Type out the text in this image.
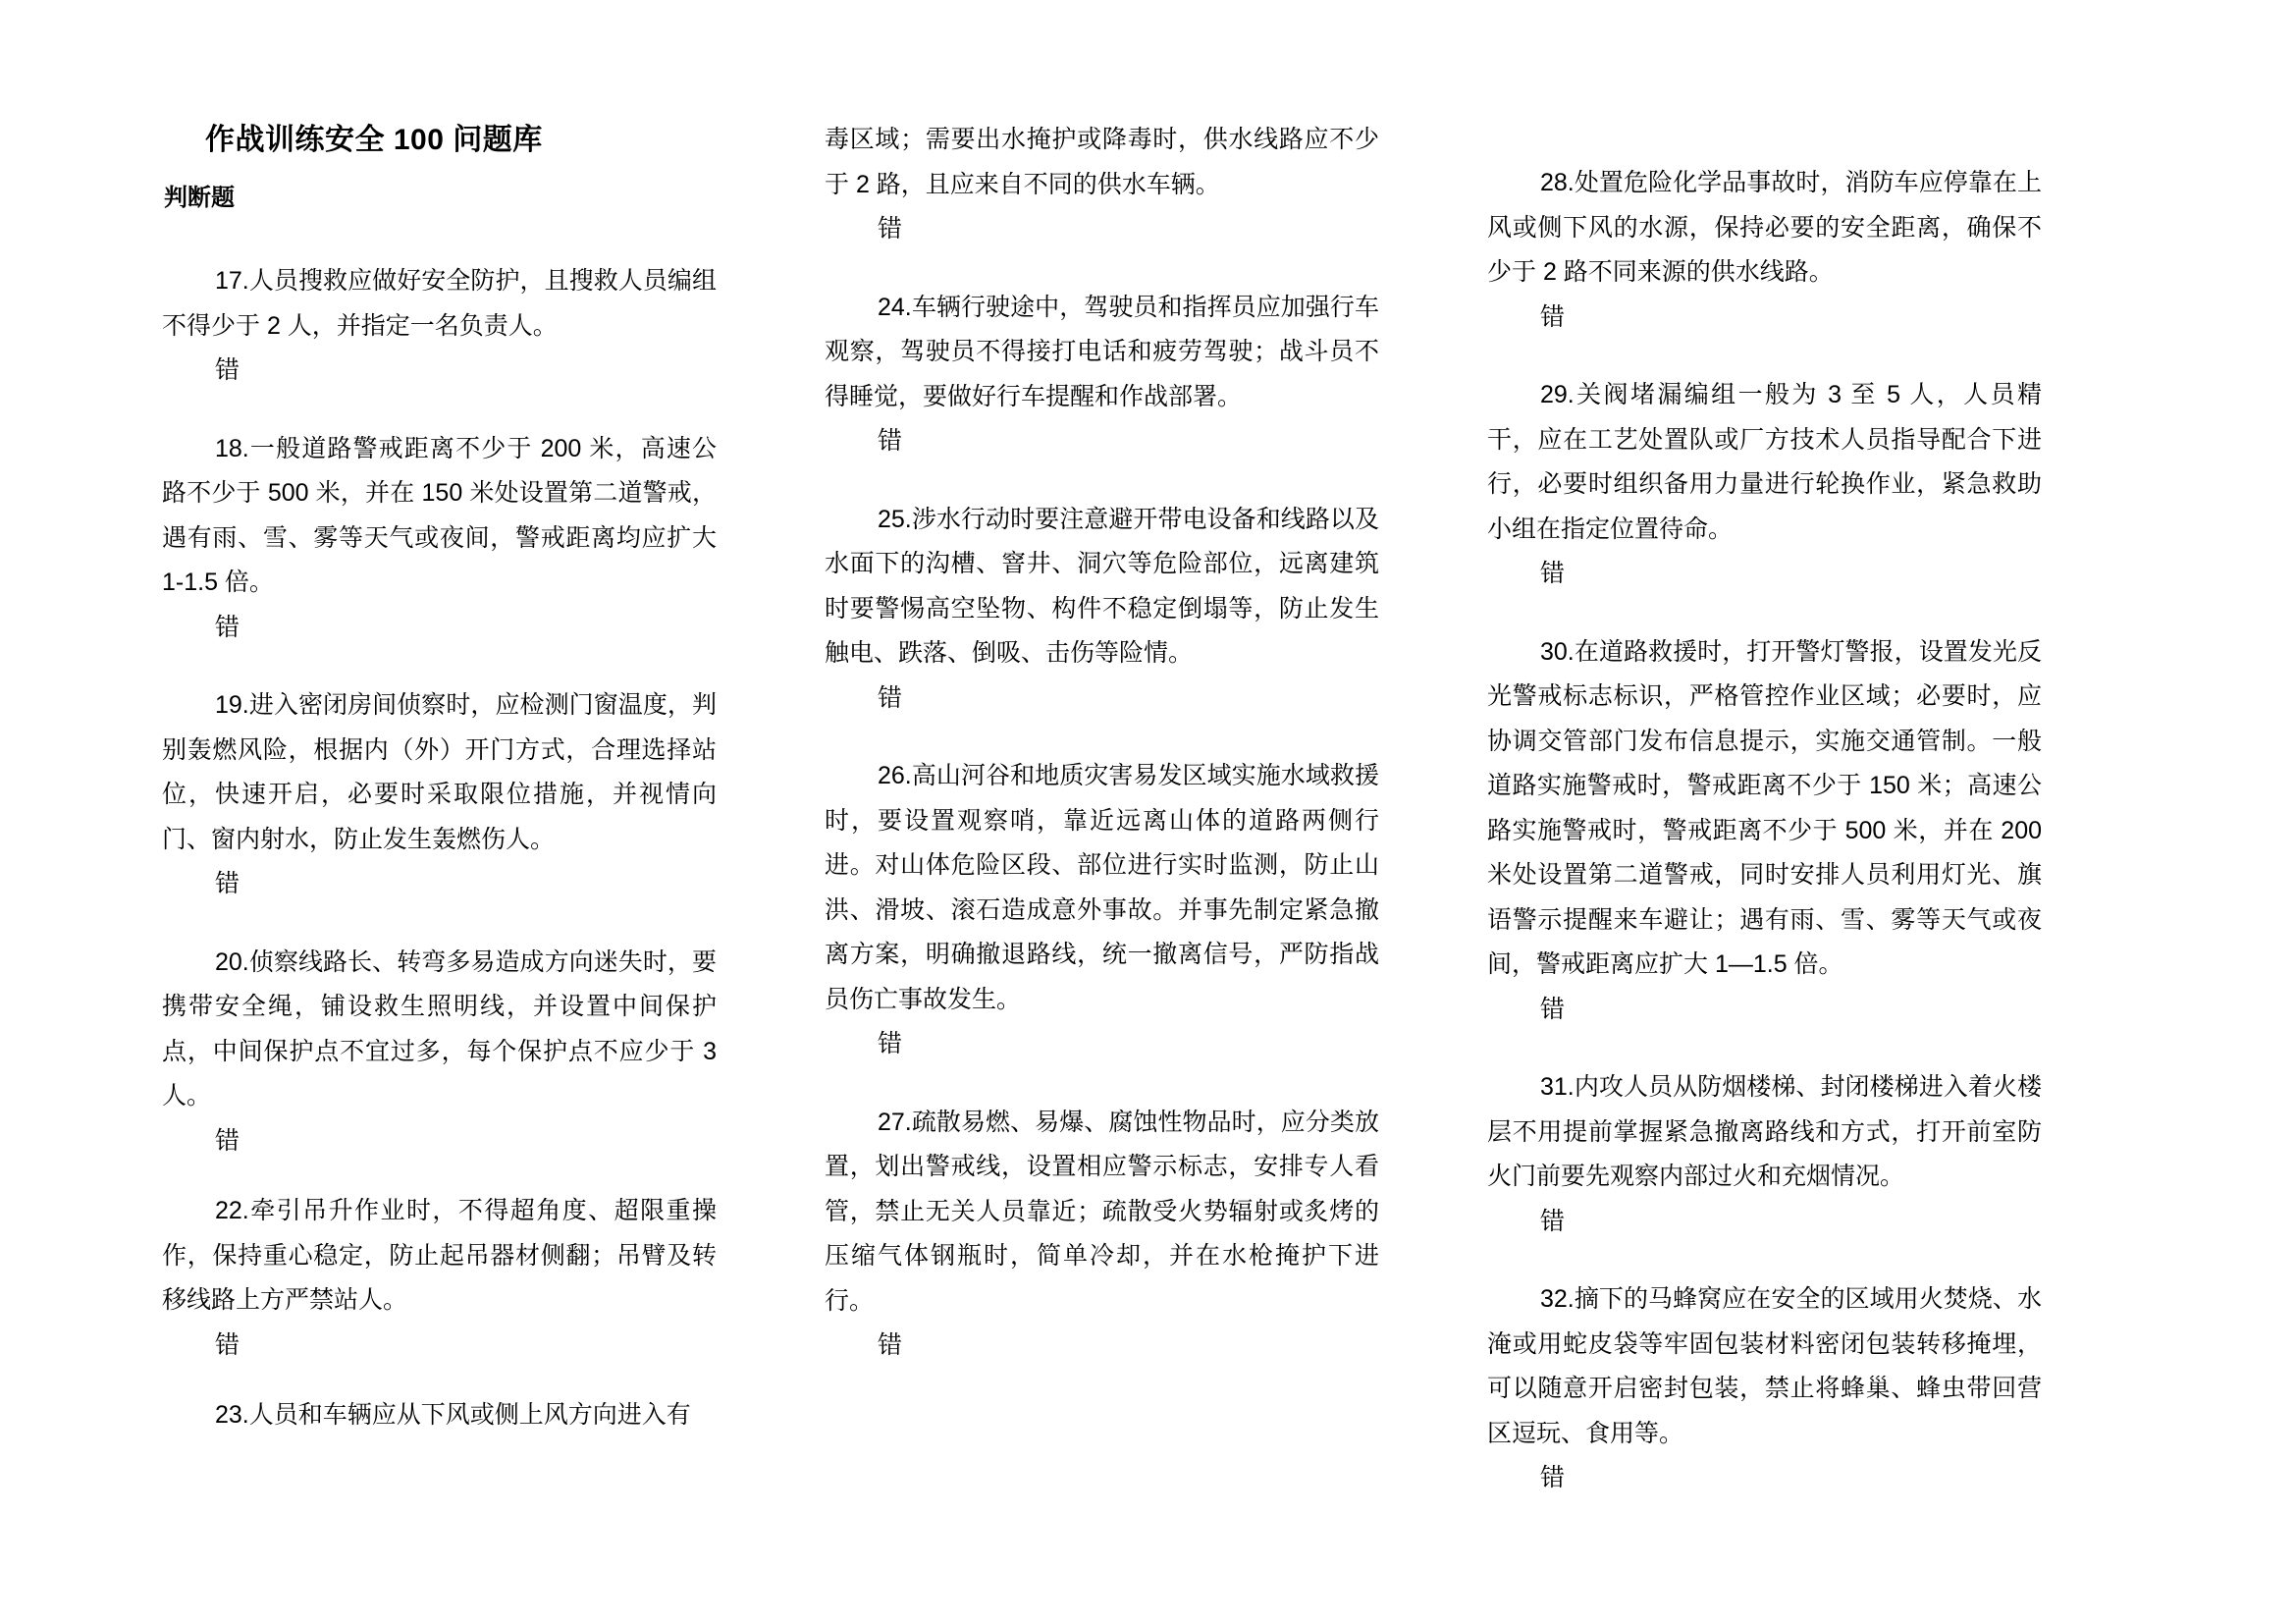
作战训练安全 100 问题库
判断题

17.人员搜救应做好安全防护，且搜救人员编组不得少于 2 人，并指定一名负责人。

错

18.一般道路警戒距离不少于 200 米，高速公路不少于 500 米，并在 150 米处设置第二道警戒，遇有雨、雪、雾等天气或夜间，警戒距离均应扩大 1-1.5 倍。

错

19.进入密闭房间侦察时，应检测门窗温度，判别轰燃风险，根据内（外）开门方式，合理选择站位，快速开启，必要时采取限位措施，并视情向门、窗内射水，防止发生轰燃伤人。

错

20.侦察线路长、转弯多易造成方向迷失时，要携带安全绳，铺设救生照明线，并设置中间保护点，中间保护点不宜过多，每个保护点不应少于 3 人。

错

22.牵引吊升作业时，不得超角度、超限重操作，保持重心稳定，防止起吊器材侧翻；吊臂及转移线路上方严禁站人。

错

23.人员和车辆应从下风或侧上风方向进入有

毒区域；需要出水掩护或降毒时，供水线路应不少于 2 路，且应来自不同的供水车辆。

错

24.车辆行驶途中，驾驶员和指挥员应加强行车观察，驾驶员不得接打电话和疲劳驾驶；战斗员不得睡觉，要做好行车提醒和作战部署。

错

25.涉水行动时要注意避开带电设备和线路以及水面下的沟槽、窨井、洞穴等危险部位，远离建筑时要警惕高空坠物、构件不稳定倒塌等，防止发生触电、跌落、倒吸、击伤等险情。

错

26.高山河谷和地质灾害易发区域实施水域救援时，要设置观察哨，靠近远离山体的道路两侧行进。对山体危险区段、部位进行实时监测，防止山洪、滑坡、滚石造成意外事故。并事先制定紧急撤离方案，明确撤退路线，统一撤离信号，严防指战员伤亡事故发生。

错

27.疏散易燃、易爆、腐蚀性物品时，应分类放置，划出警戒线，设置相应警示标志，安排专人看管，禁止无关人员靠近；疏散受火势辐射或炙烤的压缩气体钢瓶时，简单冷却，并在水枪掩护下进行。

错

28.处置危险化学品事故时，消防车应停靠在上风或侧下风的水源，保持必要的安全距离，确保不少于 2 路不同来源的供水线路。

错

29.关阀堵漏编组一般为 3 至 5 人，人员精干，应在工艺处置队或厂方技术人员指导配合下进行，必要时组织备用力量进行轮换作业，紧急救助小组在指定位置待命。

错

30.在道路救援时，打开警灯警报，设置发光反光警戒标志标识，严格管控作业区域；必要时，应协调交管部门发布信息提示，实施交通管制。一般道路实施警戒时，警戒距离不少于 150 米；高速公路实施警戒时，警戒距离不少于 500 米，并在 200 米处设置第二道警戒，同时安排人员利用灯光、旗语警示提醒来车避让；遇有雨、雪、雾等天气或夜间，警戒距离应扩大 1—1.5 倍。

错

31.内攻人员从防烟楼梯、封闭楼梯进入着火楼层不用提前掌握紧急撤离路线和方式，打开前室防火门前要先观察内部过火和充烟情况。

错

32.摘下的马蜂窝应在安全的区域用火焚烧、水淹或用蛇皮袋等牢固包装材料密闭包装转移掩埋，可以随意开启密封包装，禁止将蜂巢、蜂虫带回营区逗玩、食用等。

错
